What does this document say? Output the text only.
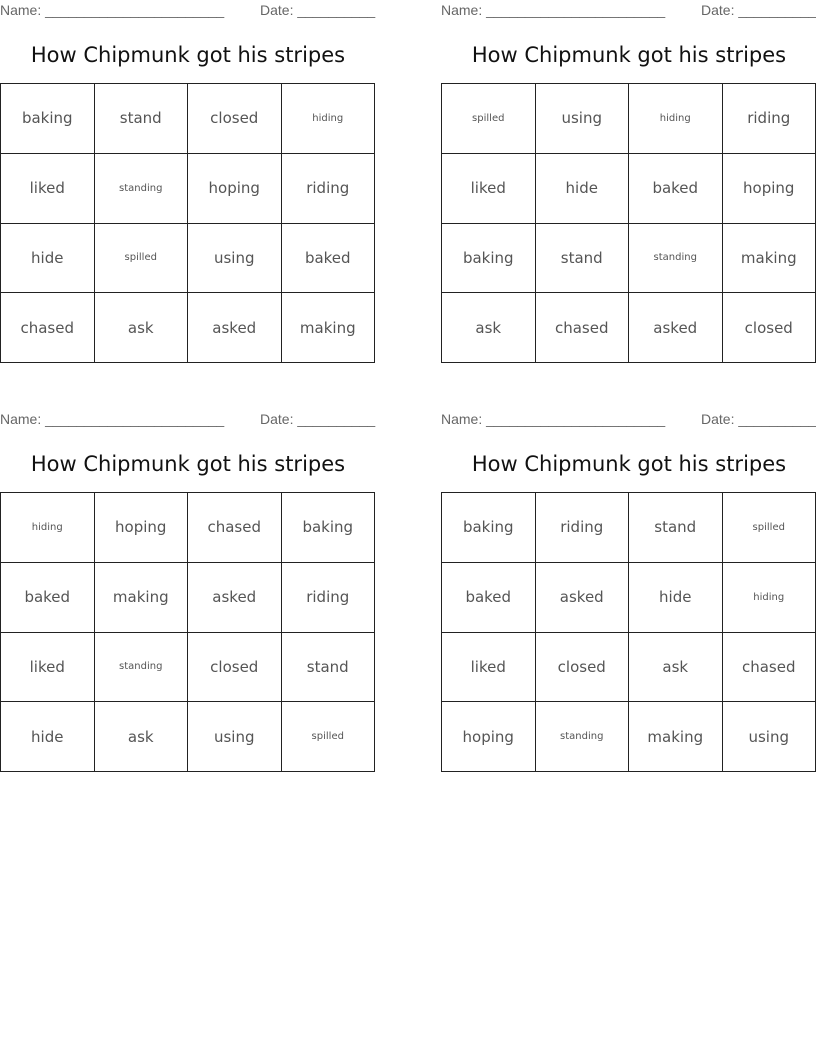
Name: _______________________	Date: __________
How Chipmunk got his stripes
baking	stand	closed	hiding
liked	standing	hoping	riding
hide	spilled	using	baked
chased	ask	asked	making
Name: _______________________	Date: __________
How Chipmunk got his stripes
spilled	using	hiding	riding
liked	hide	baked	hoping
baking	stand	standing	making
ask	chased	asked	closed
Name: _______________________	Date: __________
How Chipmunk got his stripes
hiding	hoping	chased	baking
baked	making	asked	riding
liked	standing	closed	stand
hide	ask	using	spilled
Name: _______________________	Date: __________
How Chipmunk got his stripes
baking	riding	stand	spilled
baked	asked	hide	hiding
liked	closed	ask	chased
hoping	standing	making	using
